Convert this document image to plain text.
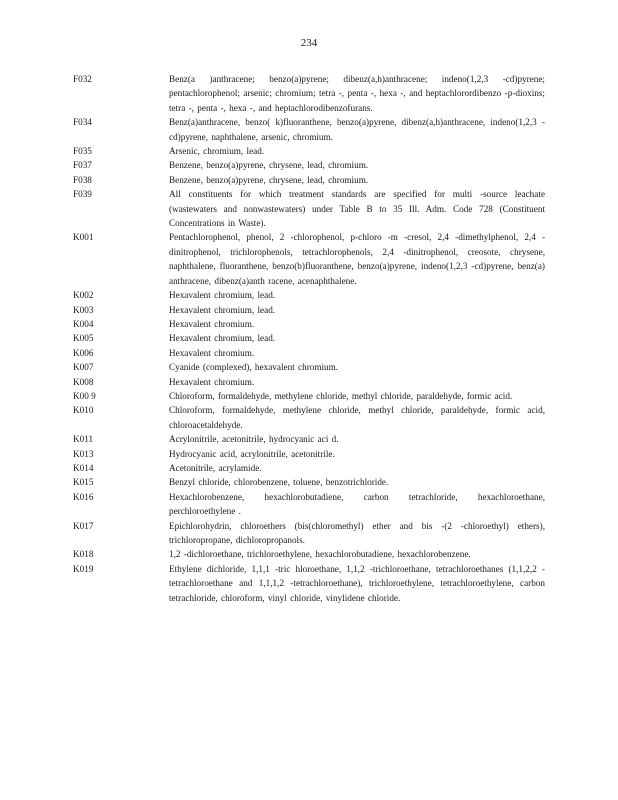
234
F032	Benz(a )anthracene; benzo(a)pyrene; dibenz(a,h)anthracene; indeno(1,2,3 -cd)pyrene; pentachlorophenol; arsenic; chromium; tetra -, penta -, hexa -, and heptachlorordibenzo -p-dioxins; tetra -, penta -, hexa -, and heptachlorodibenzofurans.
F034	Benz(a)anthracene, benzo( k)fluoranthene, benzo(a)pyrene, dibenz(a,h)anthracene, indeno(1,2,3 -cd)pyrene, naphthalene, arsenic, chromium.
F035	Arsenic, chromium, lead.
F037	Benzene, benzo(a)pyrene, chrysene, lead, chromium.
F038	Benzene, benzo(a)pyrene, chrysene, lead, chromium.
F039	All constituents for which treatment standards are specified for multi -source leachate (wastewaters and nonwastewaters) under Table B to 35 Ill. Adm. Code 728 (Constituent Concentrations in Waste).
K001	Pentachlorophenol, phenol, 2 -chlorophenol, p-chloro -m -cresol, 2,4 -dimethylphenol, 2,4 -dinitrophenol, trichlorophenols, tetrachlorophenols, 2,4 -dinitrophenol, creosote, chrysene, naphthalene, fluoranthene, benzo(b)fluoranthene, benzo(a)pyrene, indeno(1,2,3 -cd)pyrene, benz(a) anthracene, dibenz(a)anth racene, acenaphthalene.
K002	Hexavalent chromium, lead.
K003	Hexavalent chromium, lead.
K004	Hexavalent chromium.
K005	Hexavalent chromium, lead.
K006	Hexavalent chromium.
K007	Cyanide (complexed), hexavalent chromium.
K008	Hexavalent chromium.
K00 9	Chloroform, formaldehyde, methylene chloride, methyl chloride, paraldehyde, formic acid.
K010	Chloroform, formaldehyde, methylene chloride, methyl chloride, paraldehyde, formic acid, chloroacetaldehyde.
K011	Acrylonitrile, acetonitrile, hydrocyanic aci d.
K013	Hydrocyanic acid, acrylonitrile, acetonitrile.
K014	Acetonitrile, acrylamide.
K015	Benzyl chloride, chlorobenzene, toluene, benzotrichloride.
K016	Hexachlorobenzene, hexachlorobutadiene, carbon tetrachloride, hexachloroethane, perchloroethylene .
K017	Epichlorohydrin, chloroethers (bis(chloromethyl) ether and bis -(2 -chloroethyl) ethers), trichloropropane, dichloropropanols.
K018	1,2 -dichloroethane, trichloroethylene, hexachlorobutadiene, hexachlorobenzene.
K019	Ethylene dichloride, 1,1,1 -tric hloroethane, 1,1,2 -trichloroethane, tetrachloroethanes (1,1,2,2 -tetrachloroethane and 1,1,1,2 -tetrachloroethane), trichloroethylene, tetrachloroethylene, carbon tetrachloride, chloroform, vinyl chloride, vinylidene chloride.
